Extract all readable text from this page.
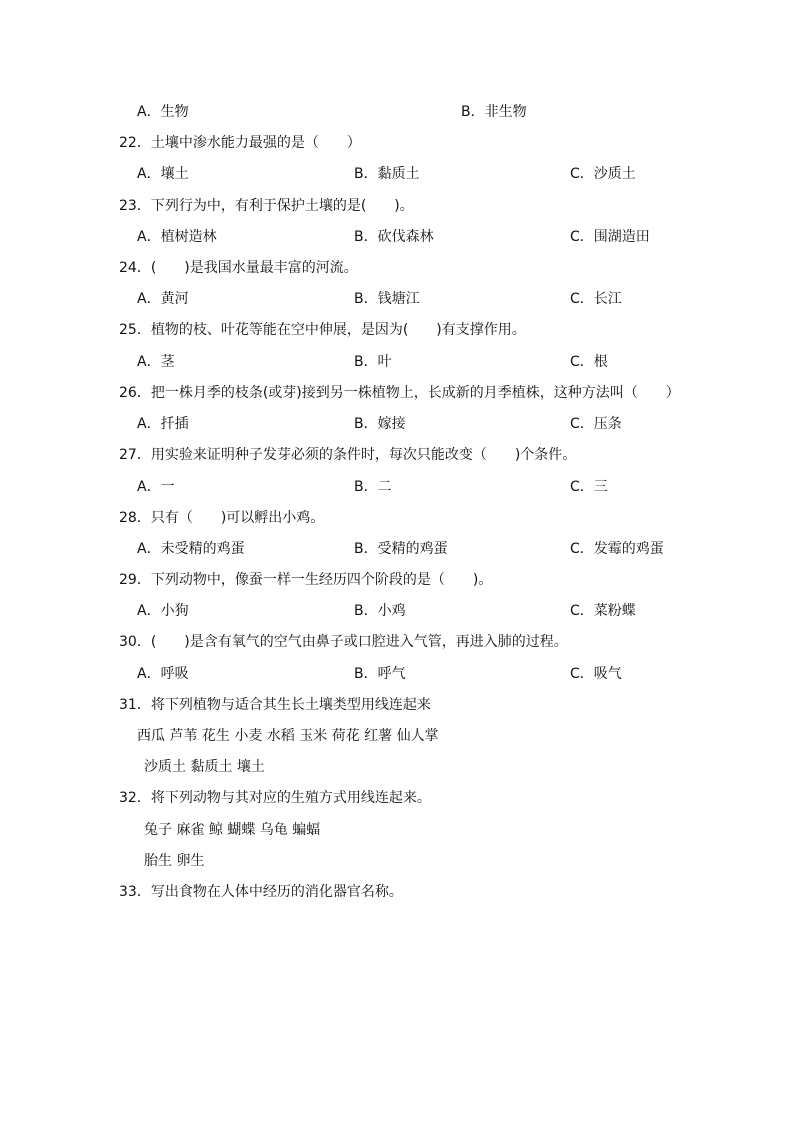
A．生物	B．非生物
22．土壤中渗水能力最强的是（　　）
A．壤土	B．黏质土	C．沙质土
23．下列行为中，有利于保护土壤的是(　　)。
A．植树造林	B．砍伐森林	C．围湖造田
24．(　　)是我国水量最丰富的河流。
A．黄河	B．钱塘江	C．长江
25．植物的枝、叶花等能在空中伸展，是因为(　　)有支撑作用。
A．茎	B．叶	C．根
26．把一株月季的枝条(或芽)接到另一株植物上，长成新的月季植株，这种方法叫（　　）
A．扦插	B．嫁接	C．压条
27．用实验来证明种子发芽必须的条件时，每次只能改变（　　)个条件。
A．一	B．二	C．三
28．只有（　　)可以孵出小鸡。
A．未受精的鸡蛋	B．受精的鸡蛋	C．发霉的鸡蛋
29．下列动物中，像蚕一样一生经历四个阶段的是（　　)。
A．小狗	B．小鸡	C．菜粉蝶
30．(　　)是含有氧气的空气由鼻子或口腔进入气管，再进入肺的过程。
A．呼吸	B．呼气	C．吸气
31．将下列植物与适合其生长土壤类型用线连起来
西瓜 芦苇 花生 小麦 水稻 玉米 荷花 红薯 仙人掌
沙质土 黏质土 壤土
32．将下列动物与其对应的生殖方式用线连起来。
兔子 麻雀 鲸 蝴蝶 乌龟 蝙蝠
胎生 卵生
33．写出食物在人体中经历的消化器官名称。
